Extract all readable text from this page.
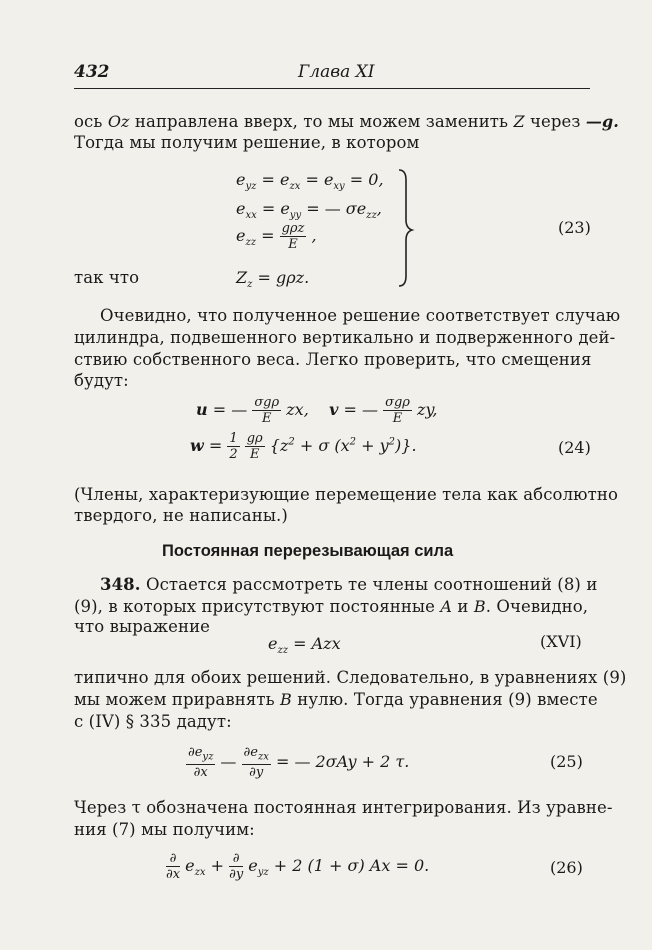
432	Глава XI
ось Oz направлена вверх, то мы можем заменить Z через —g.
Тогда мы получим решение, в котором
$e_{yz} = e_{zx} = e_{xy} = 0$,
$e_{xx} = e_{yy}$ = — $\sigma e_{zz}$,
$e_{zz} = \frac{\text{gρz}}{E}$ ,
так что	$Z_z = g\rho z$.
(23)
Очевидно, что полученное решение соответствует случаю
цилиндра, подвешенного вертикально и подверженного дей-
ствию собственного веса. Легко проверить, что смещения
будут:
u = — $\frac{\text{σgρ}}{E}$ zx,    v = — $\frac{\text{σgρ}}{E}$ zy,
$w = \frac{1}{2}$
$\frac{g\rho}{E} \{z^2 + \sigma$ $(x^2 + y^2)$}.	(24)
(Члены, характеризующие перемещение тела как абсолютно
твердого, не написаны.)
Постоянная перерезывающая сила
348. Остается рассмотреть те члены соотношений (8) и
(9), в которых присутствуют постоянные A и B. Очевидно,
что выражение
$e_{zz}$ = Azx	(XVI)
типично для обоих решений. Следовательно, в уравнениях (9)
мы можем приравнять B нулю. Тогда уравнения (9) вместе
с (IV) § 335 дадут:
$\frac{\partial e_{yz}}{\partial x}$ — $\frac{\partial e_{zx}}{\partial y}$ = — 2σAy + 2 τ.	(25)
Через τ обозначена постоянная интегрирования. Из уравне-
ния (7) мы получим:
$\frac{\partial}{\partial x} e_{zx} + \frac{\partial}{\partial y} e_{yz} + 2$ (1 + σ) Ax = 0.	(26)
